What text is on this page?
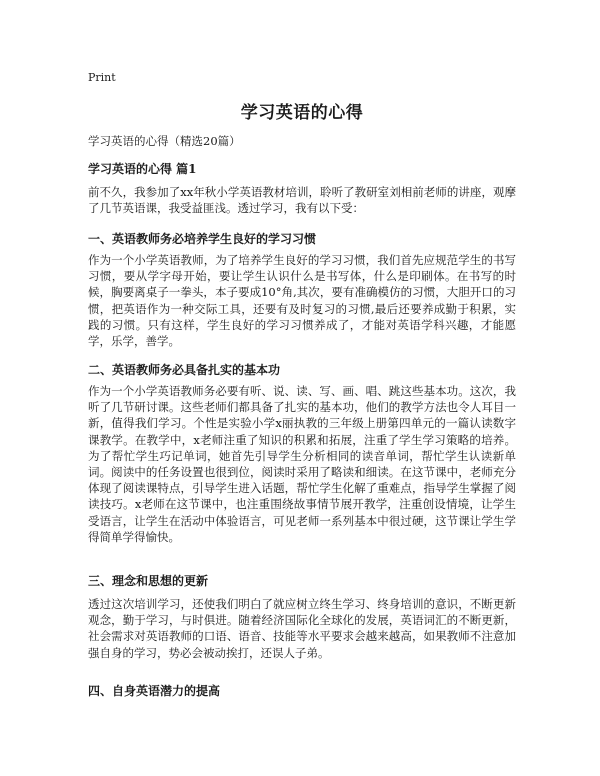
Print
学习英语的心得
学习英语的心得（精选20篇）
学习英语的心得 篇1
前不久，我参加了xx年秋小学英语教材培训，聆听了教研室刘相前老师的讲座，观摩了几节英语课，我受益匪浅。透过学习，我有以下受：
一、英语教师务必培养学生良好的学习习惯
作为一个小学英语教师，为了培养学生良好的学习习惯，我们首先应规范学生的书写习惯，要从学字母开始，要让学生认识什么是书写体，什么是印刷体。在书写的时候，胸要离桌子一拳头，本子要成10°角,其次，要有准确模仿的习惯，大胆开口的习惯，把英语作为一种交际工具，还要有及时复习的习惯,最后还要养成勤于积累，实践的习惯。只有这样，学生良好的学习习惯养成了，才能对英语学科兴趣，才能愿学，乐学，善学。
二、英语教师务必具备扎实的基本功
作为一个小学英语教师务必要有听、说、读、写、画、唱、跳这些基本功。这次，我听了几节研讨课。这些老师们都具备了扎实的基本功，他们的教学方法也令人耳目一新，值得我们学习。个性是实验小学x丽执教的三年级上册第四单元的一篇认读数字课教学。在教学中，x老师注重了知识的积累和拓展，注重了学生学习策略的培养。为了帮忙学生巧记单词，她首先引导学生分析相同的读音单词，帮忙学生认读新单词。阅读中的任务设置也很到位，阅读时采用了略读和细读。在这节课中，老师充分体现了阅读课特点，引导学生进入话题，帮忙学生化解了重难点，指导学生掌握了阅读技巧。x老师在这节课中，也注重围绕故事情节展开教学，注重创设情境，让学生受语言，让学生在活动中体验语言，可见老师一系列基本中很过硬，这节课让学生学得简单学得愉快。
三、理念和思想的更新
透过这次培训学习，还使我们明白了就应树立终生学习、终身培训的意识，不断更新观念，勤于学习，与时俱进。随着经济国际化全球化的发展，英语词汇的不断更新，社会需求对英语教师的口语、语音、技能等水平要求会越来越高，如果教师不注意加强自身的学习，势必会被动挨打，还误人子弟。
四、自身英语潜力的提高
